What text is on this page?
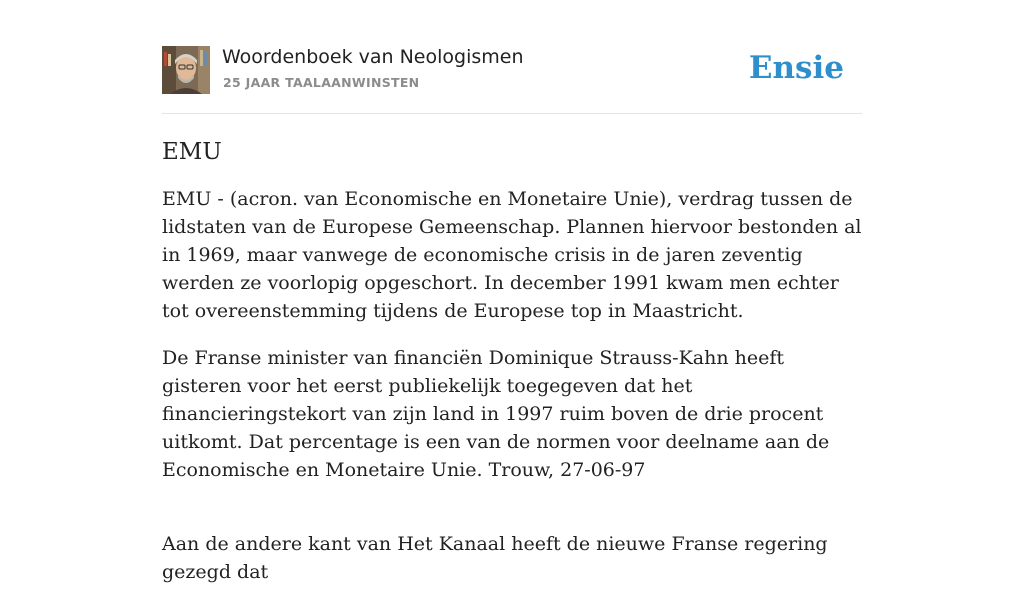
Woordenboek van Neologismen
25 JAAR TAALAANWINSTEN	Ensie
EMU

EMU - (acron. van Economische en Monetaire Unie), verdrag tussen de lidstaten van de Europese Gemeenschap. Plannen hiervoor bestonden al in 1969, maar vanwege de economische crisis in de jaren zeventig werden ze voorlopig opgeschort. In december 1991 kwam men echter tot overeenstemming tijdens de Europese top in Maastricht.

De Franse minister van financiën Dominique Strauss-Kahn heeft gisteren voor het eerst publiekelijk toegegeven dat het financieringstekort van zijn land in 1997 ruim boven de drie procent uitkomt. Dat percentage is een van de normen voor deelname aan de Economische en Monetaire Unie. Trouw, 27-06-97

Aan de andere kant van Het Kanaal heeft de nieuwe Franse regering gezegd dat
